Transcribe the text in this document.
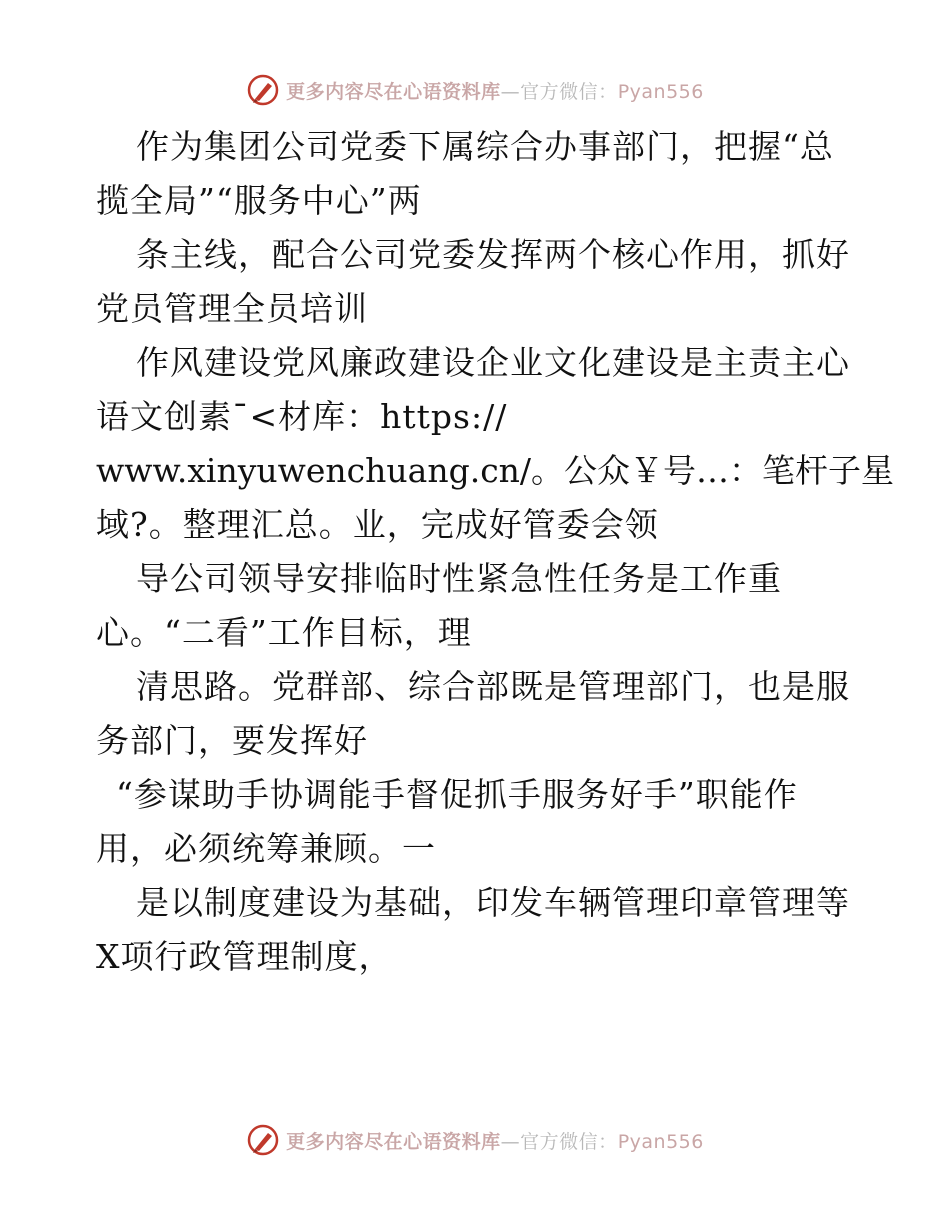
更多内容尽在心语资料库—官方微信：Pyan556
作为集团公司党委下属综合办事部门，把握“总
揽全局”“服务中心”两
条主线，配合公司党委发挥两个核心作用，抓好
党员管理全员培训
作风建设党风廉政建设企业文化建设是主责主心
语文创素¯<材库：https://
www.xinyuwenchuang.cn/。公众￥号…：笔杆子星
域?。整理汇总。业，完成好管委会领
导公司领导安排临时性紧急性任务是工作重
心。“二看”工作目标，理
清思路。党群部、综合部既是管理部门，也是服
务部门，要发挥好
“参谋助手协调能手督促抓手服务好手”职能作
用，必须统筹兼顾。一
是以制度建设为基础，印发车辆管理印章管理等
X项行政管理制度，
更多内容尽在心语资料库—官方微信：Pyan556
